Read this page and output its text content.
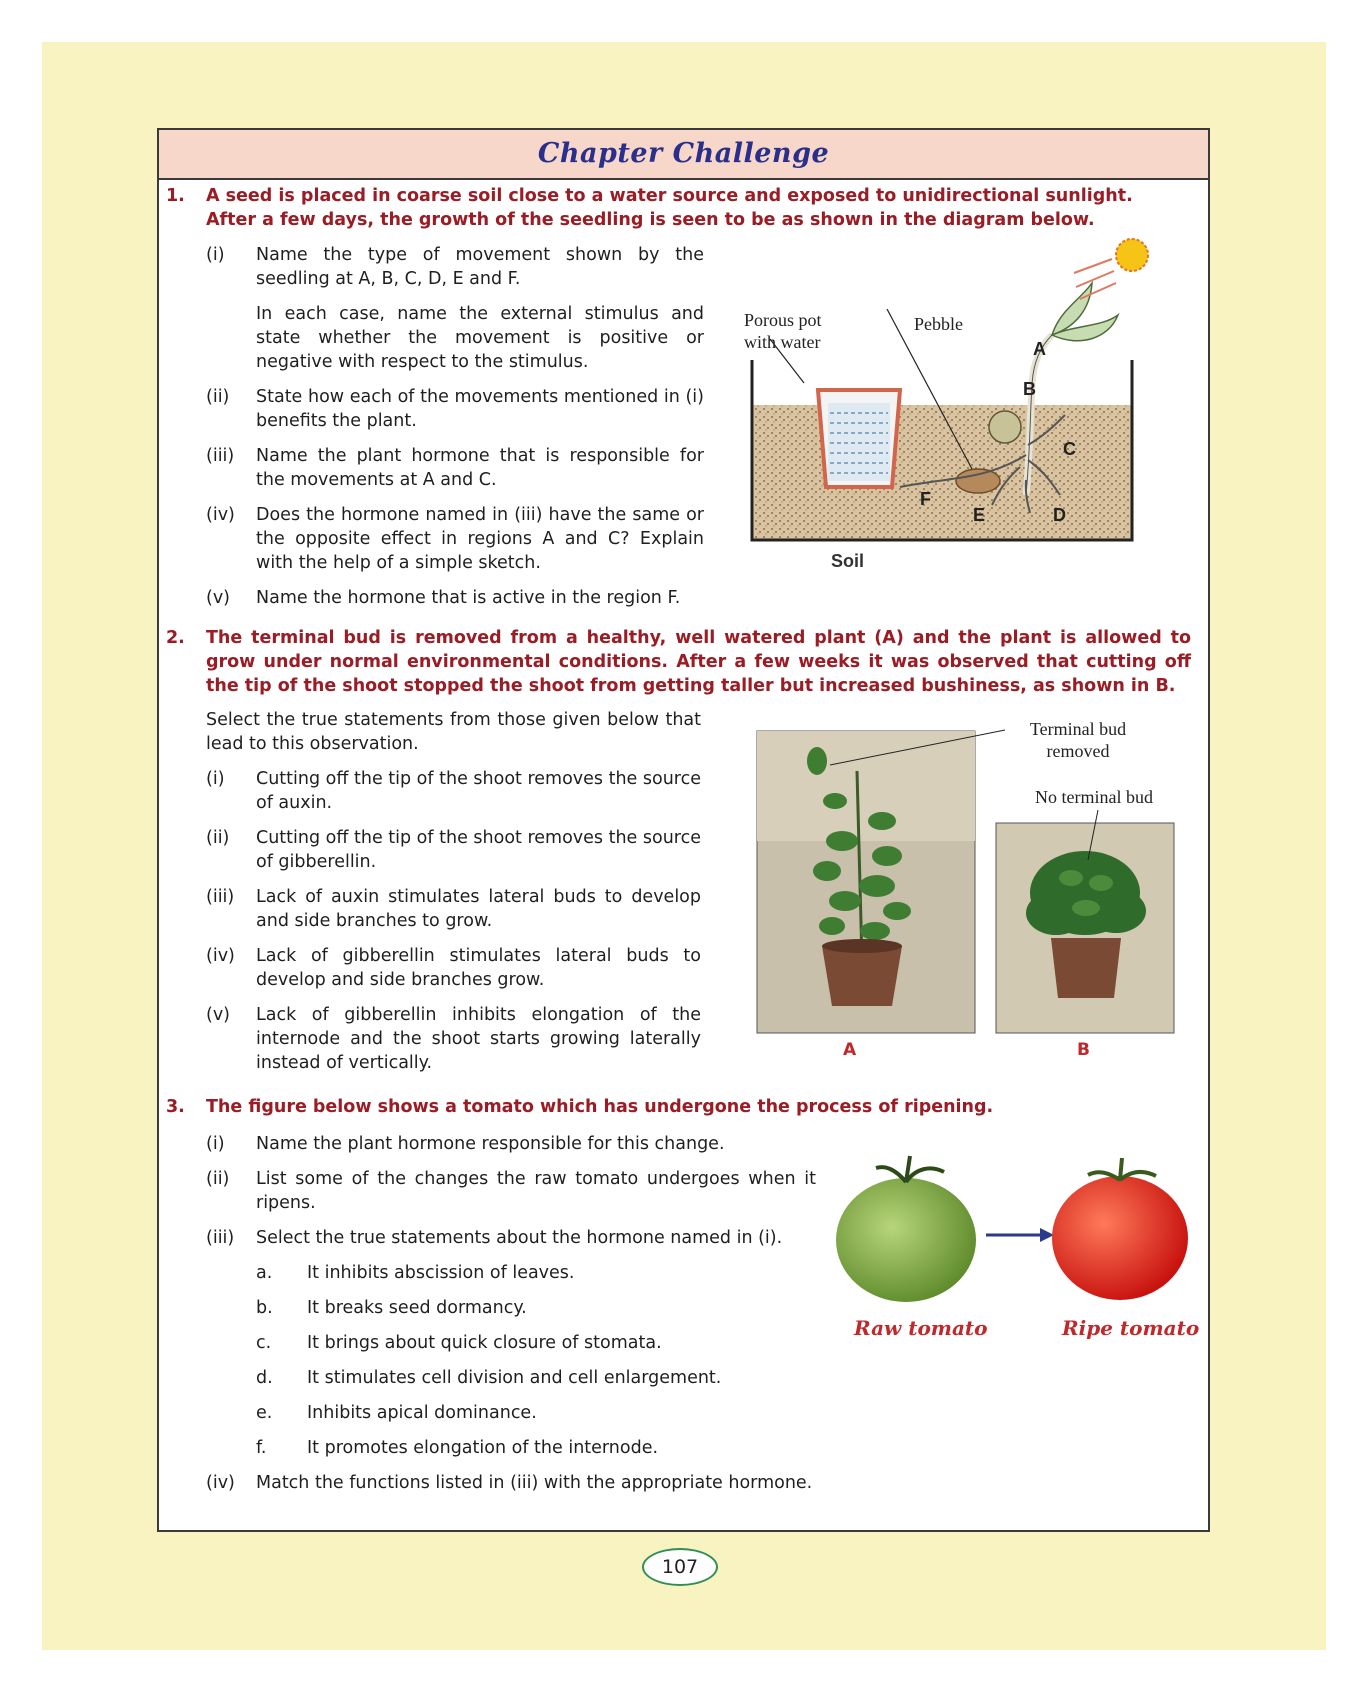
Chapter Challenge
1. A seed is placed in coarse soil close to a water source and exposed to unidirectional sunlight. After a few days, the growth of the seedling is seen to be as shown in the diagram below.
(i) Name the type of movement shown by the seedling at A, B, C, D, E and F.
In each case, name the external stimulus and state whether the movement is positive or negative with respect to the stimulus.
(ii) State how each of the movements mentioned in (i) benefits the plant.
(iii) Name the plant hormone that is responsible for the movements at A and C.
(iv) Does the hormone named in (iii) have the same or the opposite effect in regions A and C? Explain with the help of a simple sketch.
(v) Name the hormone that is active in the region F.
Porous pot with water
Pebble
Soil
A
B
C
D
E
F
2. The terminal bud is removed from a healthy, well watered plant (A) and the plant is allowed to grow under normal environmental conditions. After a few weeks it was observed that cutting off the tip of the shoot stopped the shoot from getting taller but increased bushiness, as shown in B.
Select the true statements from those given below that lead to this observation.
(i) Cutting off the tip of the shoot removes the source of auxin.
(ii) Cutting off the tip of the shoot removes the source of gibberellin.
(iii) Lack of auxin stimulates lateral buds to develop and side branches to grow.
(iv) Lack of gibberellin stimulates lateral buds to develop and side branches grow.
(v) Lack of gibberellin inhibits elongation of the internode and the shoot starts growing laterally instead of vertically.
Terminal bud removed
No terminal bud
A	B
3. The figure below shows a tomato which has undergone the process of ripening.
(i) Name the plant hormone responsible for this change.
(ii) List some of the changes the raw tomato undergoes when it ripens.
(iii) Select the true statements about the hormone named in (i).
a. It inhibits abscission of leaves.
b. It breaks seed dormancy.
c. It brings about quick closure of stomata.
d. It stimulates cell division and cell enlargement.
e. Inhibits apical dominance.
f. It promotes elongation of the internode.
(iv) Match the functions listed in (iii) with the appropriate hormone.
Raw tomato	Ripe tomato
107
